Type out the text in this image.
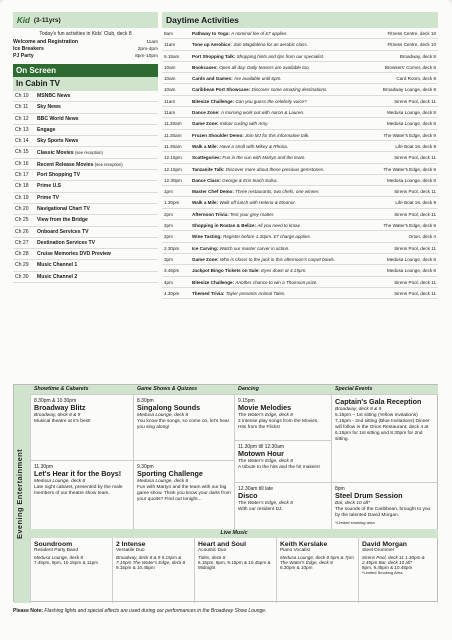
Kid (3-11yrs)
Today's fun activities in Kids' Club, deck 8
Welcome and Registration	11am
Ice Breakers	2pm-4pm
PJ Party	8pm-10pm
On Screen
In Cabin TV
Ch 10	MSNBC News
Ch 11	Sky News
Ch 12	BBC World News
Ch 13	Engage
Ch 14	Sky Sports News
Ch 15	Classic Movies (see reception)
Ch 16	Recent Release Movies (see reception)
Ch 17	Port Shopping TV
Ch 18	Prime U.S
Ch 19	Prime TV
Ch 20	Navigational Chart TV
Ch 25	View from the Bridge
Ch 26	Onboard Services TV
Ch 27	Destination Services TV
Ch 28	Cruise Memories DVD Preview
Ch 29	Music Channel 1
Ch 30	Music Channel 2
Daytime Activities
8am	Pathway to Yoga: A nominal fee of £7 applies.	Fitness Centre, deck 10
11am	Tone up Aerobics: Join Magdalena for an aerobic class.	Fitness Centre, deck 10
9.15am	Port Shopping Talk: Shopping hints and tips from our specialist.	Broadway, deck 8
10am	Bookcases: Open all day. Daily teasers are available too.	Browsers' Corner, deck 8
10am	Cards and Games: Are available until 6pm.	Card Room, deck 8
10am	Caribbean Port Showcase: Discover some amazing destinations.	Broadway Lounge, deck 8
11am	Bitesize Challenge: Can you guess the celebrity voice?	Sirens Pool, deck 11
11am	Dance Zone: A morning work out with Aaron & Lauren.	Medusa Lounge, deck 8
11.30am	Game Zone: Indoor curling with Amy.	Medusa Lounge, deck 8
11.30am	Frozen Shoulder Demo: Join MJ for this informative talk.	The Water's Edge, deck 9
11.30am	Walk a Mile: Have a stroll with Mikey & Rhona.	Life Boat 16, deck 9
12.15pm	Scattegories: Fun in the sun with Martyn and the team.	Sirens Pool, deck 11
12.15pm	Tanzanite Talk: Discover more about these precious gemstones.	The Water's Edge, deck 9
12.30pm	Dance Class: George & Erin teach Salsa.	Medusa Lounge, deck 8
1pm	Master Chef Demo: Three restaurants, two chefs, one winner.	Sirens Pool, deck 11
1.30pm	Walk a Mile: Walk off lunch with Helena & Eleanor.	Life Boat 16, deck 9
2pm	Afternoon Trivia: Test your grey matter.	Sirens Pool, deck 11
2pm	Shopping in Roatan & Belize: All you need to know.	The Water's Edge, deck 9
2pm	Wine Tasting: Register before 1.30pm. £7 charge applies.	Orion, deck 4
2.30pm	Ice Carving: Watch our master carver in action.	Sirens Pool, deck 11
3pm	Game Zone: Who is closer to the jack in this afternoon's carpet bowls.	Medusa Lounge, deck 8
3.45pm	Jackpot Bingo Tickets on Sale: Eyes down at 4.15pm.	Medusa Lounge, deck 8
4pm	Bitesize Challenge: Another chance to win a Thomson prize.	Sirens Pool, deck 11
4.30pm	Themed Trivia: Tayler presents Animal Tales.	Sirens Pool, deck 11
Evening Entertainment
Showtime & Cabarets	Game Shows & Quizzes	Dancing	Special Events
8.30pm & 10.30pm
Broadway Blitz
Broadway, deck 8 & 9
Musical theatre at it's best!
11.30pm
Let's Hear it for the Boys!
Medusa Lounge, deck 8
Late night cabaret, presented by the male members of our theatre show team.
8.30pm
Singalong Sounds
Medusa Lounge, deck 8
You know the songs, so come on, let's hear you sing along!
9.30pm
Sporting Challenge
Medusa Lounge, deck 8
Fun with Martyn and the team with our big game show. Think you know your darts from your quoits? Find out tonight...
9.15pm
Movie Melodies
The Water's Edge, deck 8
2 intense play songs from the Movies, Hits from the Flicks!
11.30pm till 12.30am
Motown Hour
The Water's Edge, deck 8
A tribute to the hits and the hit makers!
12.30am till late
Disco
The Water's Edge, deck 8
With our resident DJ.
Captain's Gala Reception
Broadway, deck 8 & 9
5.15pm – 1st sitting (Yellow Invitations) 7.15pm - 2nd sitting (Blue Invitations) Dinner will follow in the Orion Restaurant, deck 4 at 6.15pm for 1st sitting and 8.30pm for 2nd sitting.
8pm
Steel Drum Session
Bar, deck 10 aft*
The sounds of the Caribbean, brought to you by the talented David Morgan.
*Limited smoking area
Live Music
Soundroom
Resident Party Band
Medusa Lounge, deck 8
7.45pm, 9pm, 10.15pm & 11pm
2 Intense
Versatile Duo
Broadway, deck 8 & 9 5.15pm & 7.15pm The Water's Edge, deck 8
9.15pm & 10.45pm
Heart and Soul
Acoustic Duo
Tides, deck 8
6.15pm, 8pm, 9.15pm & 10.45pm & Midnight
Keith Kerslake
Piano Vocalist
Medusa Lounge, deck 8 5pm & 7pm The Water's Edge, deck 8
8.30pm & 10pm
David Morgan
Steel Drummer
Sirens Pool, deck 11 1.30pm & 2.45pm Bar, deck 10 aft*
8pm, 9.45pm & 10.45pm
*Limited Smoking Area
Please Note: Flashing lights and special effects are used during our performances in the Broadway Show Lounge.
